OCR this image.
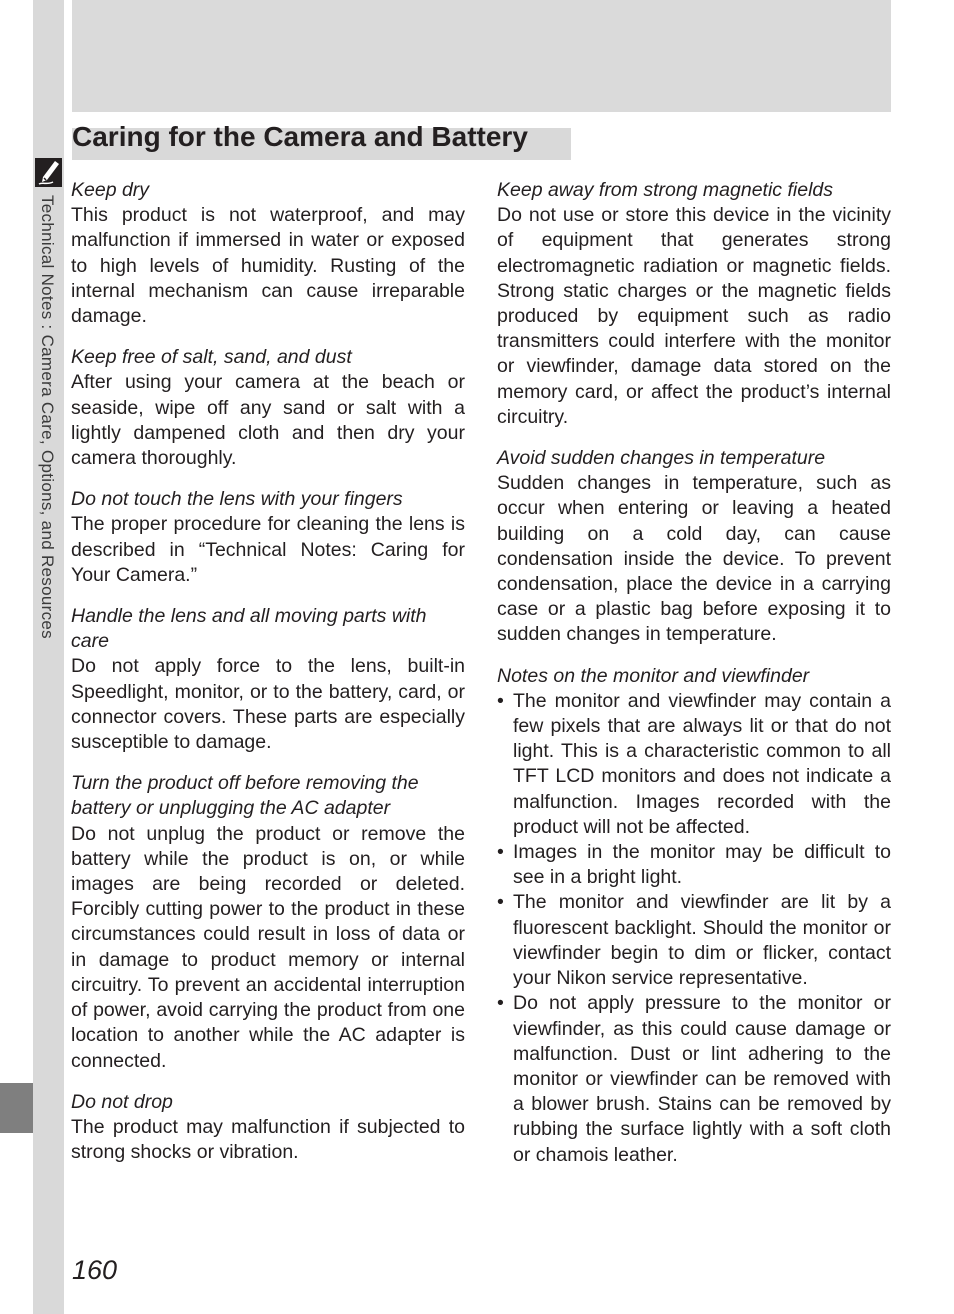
Technical Notes : Camera Care, Options, and Resources
Caring for the Camera and Battery

Keep dry

This product is not waterproof, and may malfunction if immersed in water or exposed to high levels of humidity. Rusting of the internal mechanism can cause irreparable damage.

Keep free of salt, sand, and dust

After using your camera at the beach or seaside, wipe off any sand or salt with a lightly dampened cloth and then dry your camera thoroughly.

Do not touch the lens with your fingers

The proper procedure for cleaning the lens is described in “Technical Notes: Caring for Your Camera.”

Handle the lens and all moving parts with care

Do not apply force to the lens, built-in Speedlight, monitor, or to the battery, card, or connector covers. These parts are especially susceptible to damage.

Turn the product off before removing the battery or unplugging the AC adapter

Do not unplug the product or remove the battery while the product is on, or while images are being recorded or deleted. Forcibly cutting power to the product in these circumstances could result in loss of data or in damage to product memory or internal circuitry. To prevent an accidental interruption of power, avoid carrying the product from one location to another while the AC adapter is connected.

Do not drop

The product may malfunction if subjected to strong shocks or vibration.

Keep away from strong magnetic fields

Do not use or store this device in the vicinity of equipment that generates strong electromagnetic radiation or magnetic fields. Strong static charges or the magnetic fields produced by equipment such as radio transmitters could interfere with the monitor or viewfinder, damage data stored on the memory card, or affect the product’s internal circuitry.

Avoid sudden changes in temperature

Sudden changes in temperature, such as occur when entering or leaving a heated building on a cold day, can cause condensation inside the device. To prevent condensation, place the device in a carrying case or a plastic bag before exposing it to sudden changes in temperature.

Notes on the monitor and viewfinder

• The monitor and viewfinder may contain a few pixels that are always lit or that do not light. This is a characteristic common to all TFT LCD monitors and does not indicate a malfunction. Images recorded with the product will not be affected.
• Images in the monitor may be difficult to see in a bright light.
• The monitor and viewfinder are lit by a fluorescent backlight. Should the monitor or viewfinder begin to dim or flicker, contact your Nikon service representative.
• Do not apply pressure to the monitor or viewfinder, as this could cause damage or malfunction. Dust or lint adhering to the monitor or viewfinder can be removed with a blower brush. Stains can be removed by rubbing the surface lightly with a soft cloth or chamois leather.
160
